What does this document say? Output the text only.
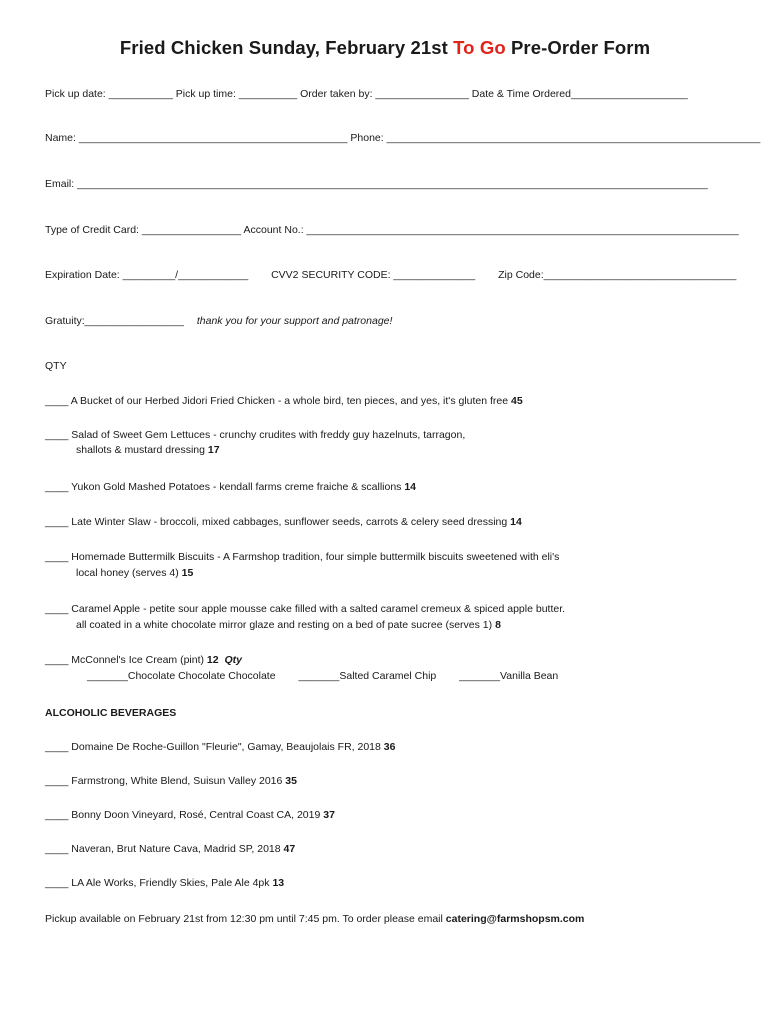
Fried Chicken Sunday, February 21st To Go Pre-Order Form
Pick up date: ___________ Pick up time: __________ Order taken by: ________________ Date & Time Ordered____________________
Name: ______________________________________________ Phone: ________________________________________________________________
Email: ____________________________________________________________________________________________________________
Type of Credit Card: _________________ Account No.: __________________________________________________________________________
Expiration Date: _________/____________ CVV2 SECURITY CODE: ______________ Zip Code:_________________________________
Gratuity:_________________ thank you for your support and patronage!
QTY
____ A Bucket of our Herbed Jidori Fried Chicken - a whole bird, ten pieces, and yes, it's gluten free 45
____ Salad of Sweet Gem Lettuces - crunchy crudites with freddy guy hazelnuts, tarragon,
shallots & mustard dressing 17
____ Yukon Gold Mashed Potatoes - kendall farms creme fraiche & scallions 14
____ Late Winter Slaw - broccoli, mixed cabbages, sunflower seeds, carrots & celery seed dressing 14
____ Homemade Buttermilk Biscuits - A Farmshop tradition, four simple buttermilk biscuits sweetened with eli's
local honey (serves 4) 15
____ Caramel Apple - petite sour apple mousse cake filled with a salted caramel cremeux & spiced apple butter.
all coated in a white chocolate mirror glaze and resting on a bed of pate sucree (serves 1) 8
____ McConnel's Ice Cream (pint) 12 Qty
_______Chocolate Chocolate Chocolate _______Salted Caramel Chip _______Vanilla Bean
ALCOHOLIC BEVERAGES
____ Domaine De Roche-Guillon "Fleurie", Gamay, Beaujolais FR, 2018 36
____ Farmstrong, White Blend, Suisun Valley 2016 35
____ Bonny Doon Vineyard, Rosé, Central Coast CA, 2019 37
____ Naveran, Brut Nature Cava, Madrid SP, 2018 47
____ LA Ale Works, Friendly Skies, Pale Ale 4pk 13
Pickup available on February 21st from 12:30 pm until 7:45 pm. To order please email catering@farmshopsm.com
